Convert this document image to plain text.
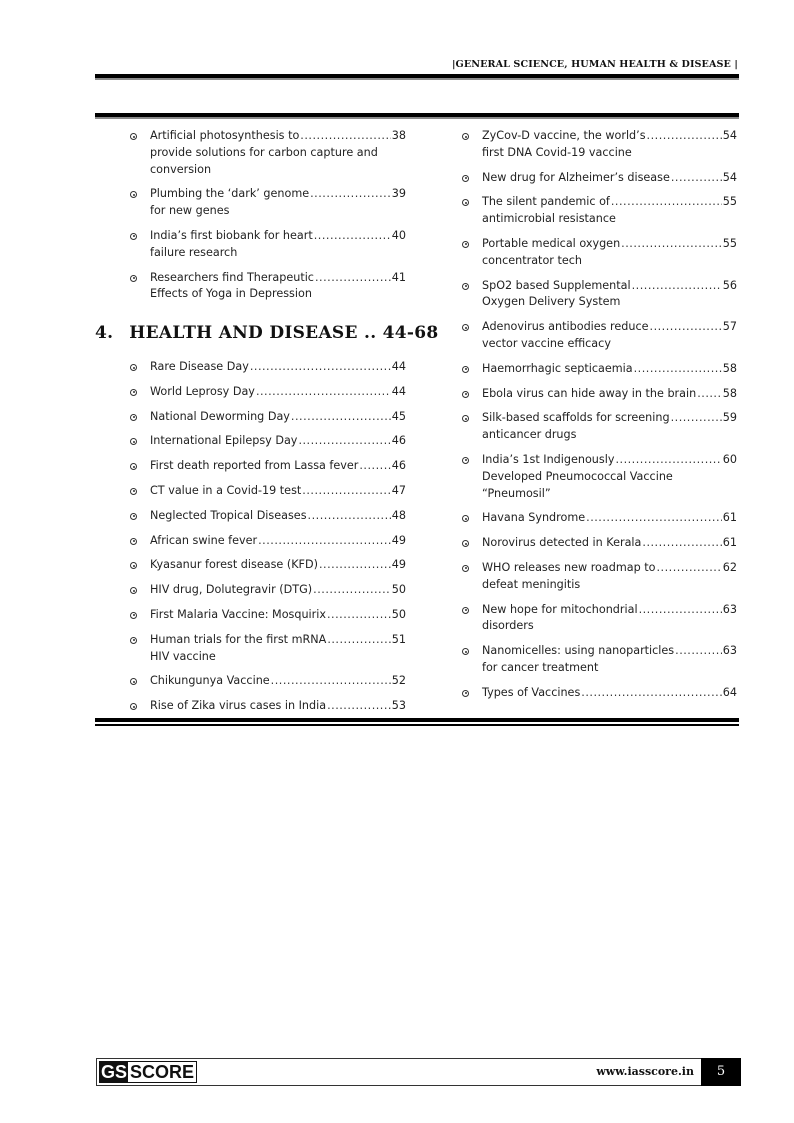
|GENERAL SCIENCE, HUMAN HEALTH & DISEASE |
Artificial photosynthesis to .....	38
provide solutions for carbon capture and conversion
Plumbing the ‘dark’ genome .....	39
for new genes
India’s first biobank for heart .....	40
failure research
Researchers find Therapeutic .....	41
Effects of Yoga in Depression
4. HEALTH AND DISEASE .. 44-68
Rare Disease Day .....	44
World Leprosy Day .....	44
National Deworming Day .....	45
International Epilepsy Day .....	46
First death reported from Lassa fever .....	46
CT value in a Covid-19 test .....	47
Neglected Tropical Diseases .....	48
African swine fever .....	49
Kyasanur forest disease (KFD) .....	49
HIV drug, Dolutegravir (DTG) .....	50
First Malaria Vaccine: Mosquirix .....	50
Human trials for the first mRNA .....	51
HIV vaccine
Chikungunya Vaccine .....	52
Rise of Zika virus cases in India .....	53
ZyCov-D vaccine, the world’s .....	54
first DNA Covid-19 vaccine
New drug for Alzheimer’s disease .....	54
The silent pandemic of .....	55
antimicrobial resistance
Portable medical oxygen .....	55
concentrator tech
SpO2 based Supplemental .....	56
Oxygen Delivery System
Adenovirus antibodies reduce .....	57
vector vaccine efficacy
Haemorrhagic septicaemia .....	58
Ebola virus can hide away in the brain ..... 58
Silk-based scaffolds for screening .....	59
anticancer drugs
India’s 1st Indigenously .....	60
Developed Pneumococcal Vaccine “Pneumosil”
Havana Syndrome .....	61
Norovirus detected in Kerala .....	61
WHO releases new roadmap to .....	62
defeat meningitis
New hope for mitochondrial .....	63
disorders
Nanomicelles: using nanoparticles .....	63
for cancer treatment
Types of Vaccines .....	64
GS SCORE	www.iasscore.in	5
